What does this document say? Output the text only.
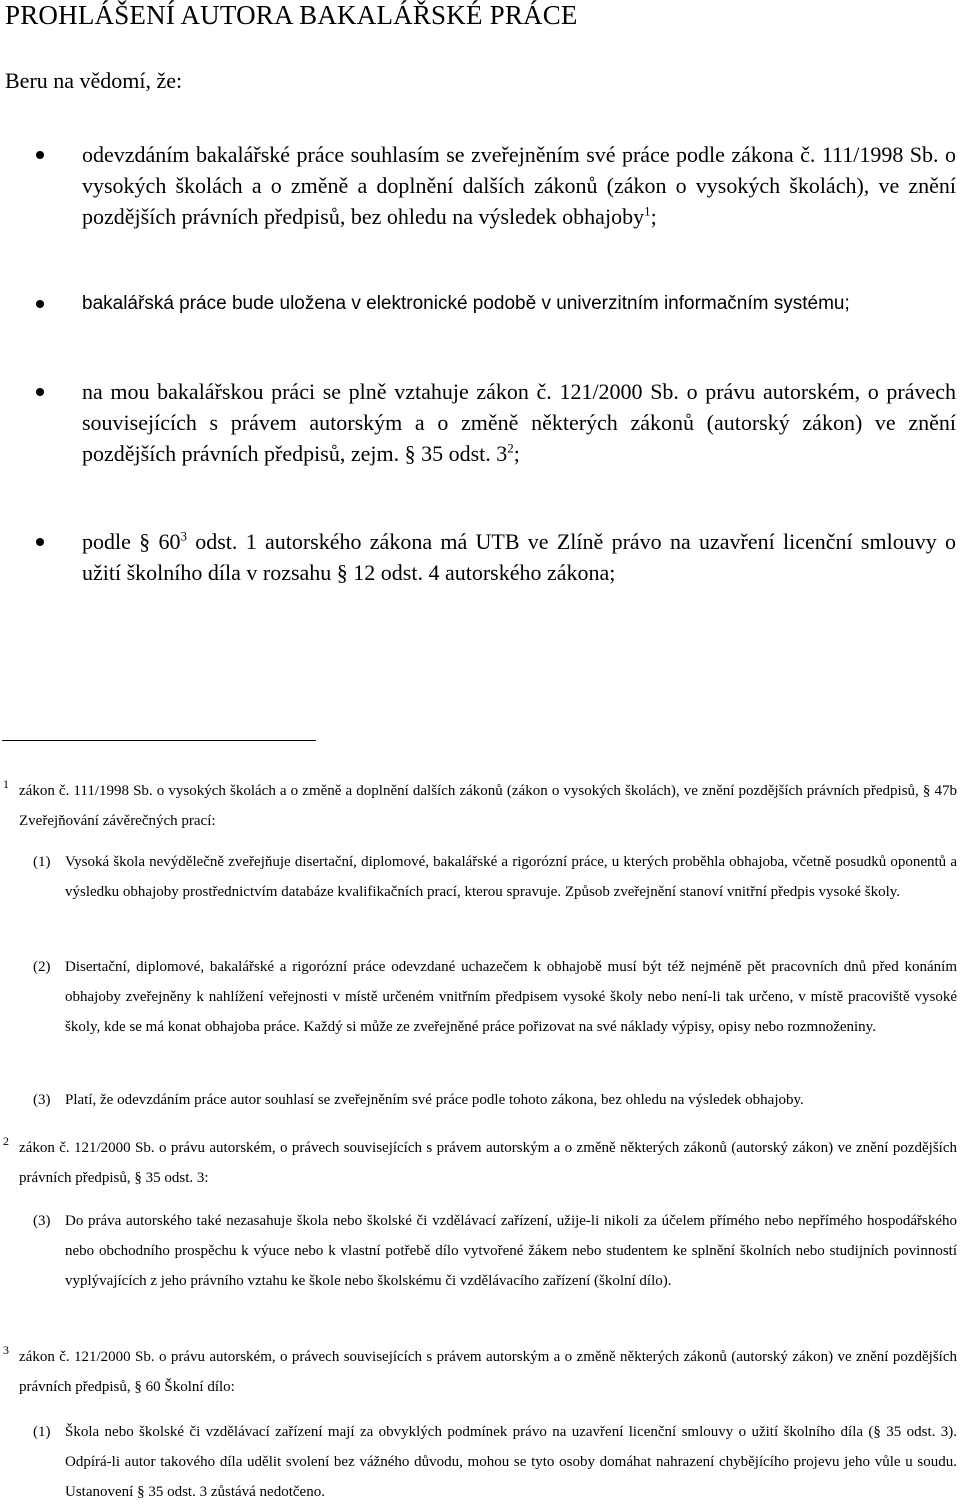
PROHLÁŠENÍ AUTORA BAKALÁŘSKÉ PRÁCE

Beru na vědomí, že:

odevzdáním bakalářské práce souhlasím se zveřejněním své práce podle zákona č. 111/1998 Sb. o vysokých školách a o změně a doplnění dalších zákonů (zákon o vysokých školách), ve znění pozdějších právních předpisů, bez ohledu na výsledek obhajoby$^1$;
bakalářská práce bude uložena v elektronické podobě v univerzitním informačním systému;
na mou bakalářskou práci se plně vztahuje zákon č. 121/2000 Sb. o právu autorském, o právech souvisejících s právem autorským a o změně některých zákonů (autorský zákon) ve znění pozdějších právních předpisů, zejm. § 35 odst. $3^2$;
podle § $60^3$ odst. 1 autorského zákona má UTB ve Zlíně právo na uzavření licenční smlouvy o užití školního díla v rozsahu § 12 odst. 4 autorského zákona;
1 zákon č. 111/1998 Sb. o vysokých školách a o změně a doplnění dalších zákonů (zákon o vysokých školách), ve znění pozdějších právních předpisů, § 47b Zveřejňování závěrečných prací:
(1) Vysoká škola nevýdělečně zveřejňuje disertační, diplomové, bakalářské a rigorózní práce, u kterých proběhla obhajoba, včetně posudků oponentů a výsledku obhajoby prostřednictvím databáze kvalifikačních prací, kterou spravuje. Způsob zveřejnění stanoví vnitřní předpis vysoké školy.
(2) Disertační, diplomové, bakalářské a rigorózní práce odevzdané uchazečem k obhajobě musí být též nejméně pět pracovních dnů před konáním obhajoby zveřejněny k nahlížení veřejnosti v místě určeném vnitřním předpisem vysoké školy nebo není-li tak určeno, v místě pracoviště vysoké školy, kde se má konat obhajoba práce. Každý si může ze zveřejněné práce pořizovat na své náklady výpisy, opisy nebo rozmnoženiny.
(3) Platí, že odevzdáním práce autor souhlasí se zveřejněním své práce podle tohoto zákona, bez ohledu na výsledek obhajoby.
2 zákon č. 121/2000 Sb. o právu autorském, o právech souvisejících s právem autorským a o změně některých zákonů (autorský zákon) ve znění pozdějších právních předpisů, § 35 odst. 3:
(3) Do práva autorského také nezasahuje škola nebo školské či vzdělávací zařízení, užije-li nikoli za účelem přímého nebo nepřímého hospodářského nebo obchodního prospěchu k výuce nebo k vlastní potřebě dílo vytvořené žákem nebo studentem ke splnění školních nebo studijních povinností vyplývajících z jeho právního vztahu ke škole nebo školskému či vzdělávacího zařízení (školní dílo).
3 zákon č. 121/2000 Sb. o právu autorském, o právech souvisejících s právem autorským a o změně některých zákonů (autorský zákon) ve znění pozdějších právních předpisů, § 60 Školní dílo:
(1) Škola nebo školské či vzdělávací zařízení mají za obvyklých podmínek právo na uzavření licenční smlouvy o užití školního díla (§ 35 odst. 3). Odpírá-li autor takového díla udělit svolení bez vážného důvodu, mohou se tyto osoby domáhat nahrazení chybějícího projevu jeho vůle u soudu. Ustanovení § 35 odst. 3 zůstává nedotčeno.
